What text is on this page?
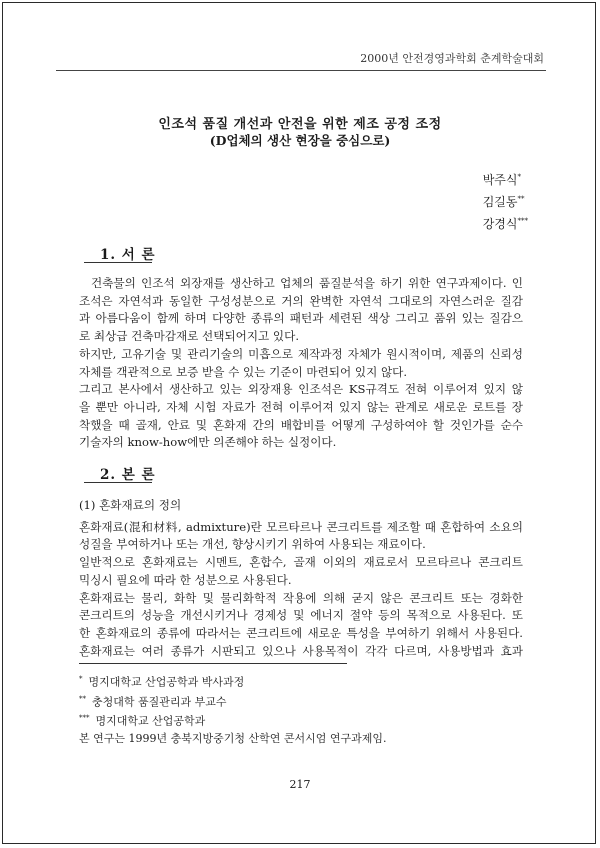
2000년 안전경영과학회 춘계학술대회
인조석 품질 개선과 안전을 위한 제조 공정 조정
(D업체의 생산 현장을 중심으로)
박주식*
김길동**
강경식***
1. 서 론
건축물의 인조석 외장재를 생산하고 업체의 품질분석을 하기 위한 연구과제이다. 인
조석은 자연석과 동일한 구성성분으로 거의 완벽한 자연석 그대로의 자연스러운 질감
과 아름다움이 함께 하며 다양한 종류의 패턴과 세련된 색상 그리고 품위 있는 질감으
로 최상급 건축마감재로 선택되어지고 있다.
하지만, 고유기술 및 관리기술의 미흡으로 제작과정 자체가 원시적이며, 제품의 신뢰성
자체를 객관적으로 보증 받을 수 있는 기준이 마련되어 있지 않다.
그리고 본사에서 생산하고 있는 외장재용 인조석은 KS규격도 전혀 이루어져 있지 않
을 뿐만 아니라, 자체 시험 자료가 전혀 이루어져 있지 않는 관계로 새로운 로트를 장
착했을 때 골재, 안료 및 혼화재 간의 배합비를 어떻게 구성하여야 할 것인가를 순수
기술자의 know-how에만 의존해야 하는 실정이다.
2. 본 론
(1) 혼화재료의 정의
혼화재료(混和材料, admixture)란 모르타르나 콘크리트를 제조할 때 혼합하여 소요의
성질을 부여하거나 또는 개선, 향상시키기 위하여 사용되는 재료이다.
일반적으로 혼화재료는 시멘트, 혼합수, 골재 이외의 재료로서 모르타르나 콘크리트
믹싱시 필요에 따라 한 성분으로 사용된다.
혼화재료는 물리, 화학 및 물리화학적 작용에 의해 굳지 않은 콘크리트 또는 경화한
콘크리트의 성능을 개선시키거나 경제성 및 에너지 절약 등의 목적으로 사용된다. 또
한 혼화재료의 종류에 따라서는 콘크리트에 새로운 특성을 부여하기 위해서 사용된다.
혼화재료는 여러 종류가 시판되고 있으나 사용목적이 각각 다르며, 사용방법과 효과
* 명지대학교 산업공학과 박사과정
** 충청대학 품질관리과 부교수
*** 명지대학교 산업공학과
본 연구는 1999년 충북지방중기청 산학연 콘서시엄 연구과제임.
217
